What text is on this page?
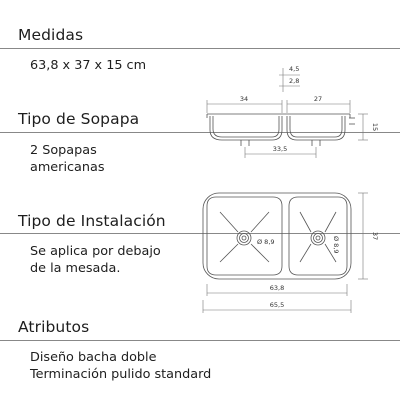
Medidas
63,8 x 37 x 15 cm
Tipo de Sopapa
2 Sopapas
americanas
Tipo de Instalación
Se aplica por debajo
de la mesada.
Atributos
Diseño bacha doble
Terminación pulido standard
34	27
4,5
2,8
15
33,5
Ø 8,9	Ø 8,9	37
63,8
65,5
